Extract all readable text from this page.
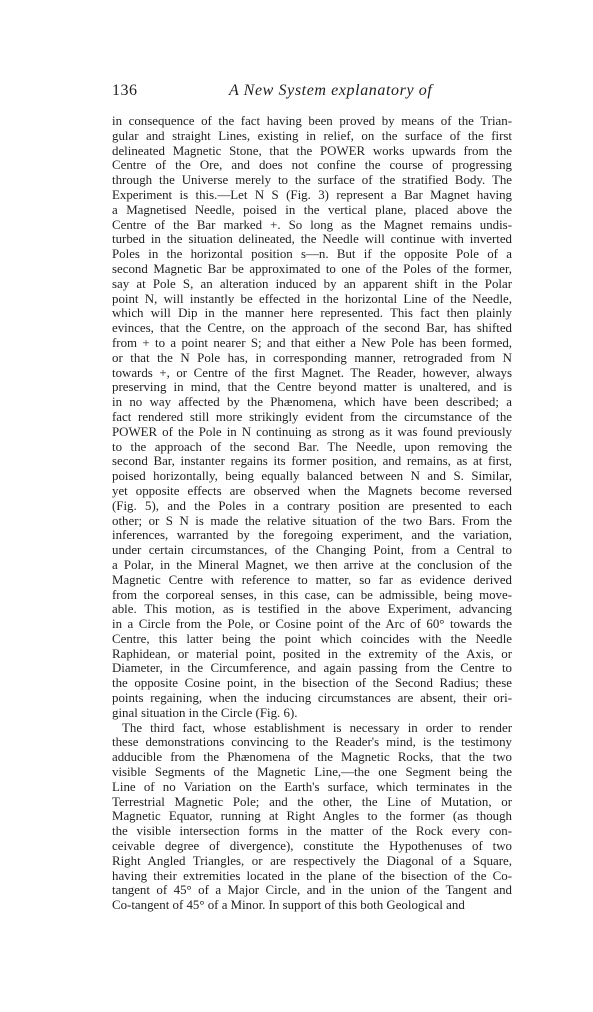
136	A New System explanatory of
in consequence of the fact having been proved by means of the Trian-
gular and straight Lines, existing in relief, on the surface of the first
delineated Magnetic Stone, that the POWER works upwards from the
Centre of the Ore, and does not confine the course of progressing
through the Universe merely to the surface of the stratified Body. The
Experiment is this.—Let N S (Fig. 3) represent a Bar Magnet having
a Magnetised Needle, poised in the vertical plane, placed above the
Centre of the Bar marked +. So long as the Magnet remains undis-
turbed in the situation delineated, the Needle will continue with inverted
Poles in the horizontal position s—n. But if the opposite Pole of a
second Magnetic Bar be approximated to one of the Poles of the former,
say at Pole S, an alteration induced by an apparent shift in the Polar
point N, will instantly be effected in the horizontal Line of the Needle,
which will Dip in the manner here represented. This fact then plainly
evinces, that the Centre, on the approach of the second Bar, has shifted
from + to a point nearer S; and that either a New Pole has been formed,
or that the N Pole has, in corresponding manner, retrograded from N
towards +, or Centre of the first Magnet. The Reader, however, always
preserving in mind, that the Centre beyond matter is unaltered, and is
in no way affected by the Phænomena, which have been described; a
fact rendered still more strikingly evident from the circumstance of the
POWER of the Pole in N continuing as strong as it was found previously
to the approach of the second Bar. The Needle, upon removing the
second Bar, instanter regains its former position, and remains, as at first,
poised horizontally, being equally balanced between N and S. Similar,
yet opposite effects are observed when the Magnets become reversed
(Fig. 5), and the Poles in a contrary position are presented to each
other; or S N is made the relative situation of the two Bars. From the
inferences, warranted by the foregoing experiment, and the variation,
under certain circumstances, of the Changing Point, from a Central to
a Polar, in the Mineral Magnet, we then arrive at the conclusion of the
Magnetic Centre with reference to matter, so far as evidence derived
from the corporeal senses, in this case, can be admissible, being move-
able. This motion, as is testified in the above Experiment, advancing
in a Circle from the Pole, or Cosine point of the Arc of 60° towards the
Centre, this latter being the point which coincides with the Needle
Raphidean, or material point, posited in the extremity of the Axis, or
Diameter, in the Circumference, and again passing from the Centre to
the opposite Cosine point, in the bisection of the Second Radius; these
points regaining, when the inducing circumstances are absent, their ori-
ginal situation in the Circle (Fig. 6).
The third fact, whose establishment is necessary in order to render
these demonstrations convincing to the Reader's mind, is the testimony
adducible from the Phænomena of the Magnetic Rocks, that the two
visible Segments of the Magnetic Line,—the one Segment being the
Line of no Variation on the Earth's surface, which terminates in the
Terrestrial Magnetic Pole; and the other, the Line of Mutation, or
Magnetic Equator, running at Right Angles to the former (as though
the visible intersection forms in the matter of the Rock every con-
ceivable degree of divergence), constitute the Hypothenuses of two
Right Angled Triangles, or are respectively the Diagonal of a Square,
having their extremities located in the plane of the bisection of the Co-
tangent of 45° of a Major Circle, and in the union of the Tangent and
Co-tangent of 45° of a Minor. In support of this both Geological and
